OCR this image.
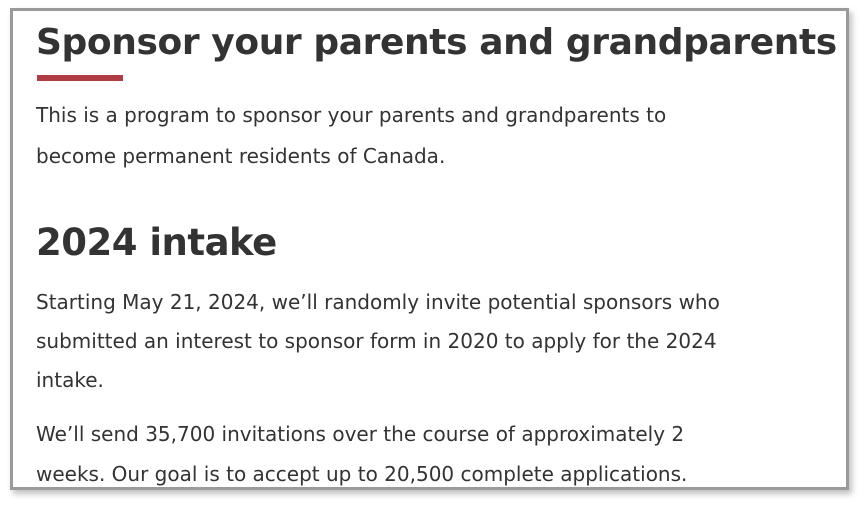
Sponsor your parents and grandparents

This is a program to sponsor your parents and grandparents to
become permanent residents of Canada.

2024 intake

Starting May 21, 2024, we’ll randomly invite potential sponsors who
submitted an interest to sponsor form in 2020 to apply for the 2024
intake.

We’ll send 35,700 invitations over the course of approximately 2
weeks. Our goal is to accept up to 20,500 complete applications.
